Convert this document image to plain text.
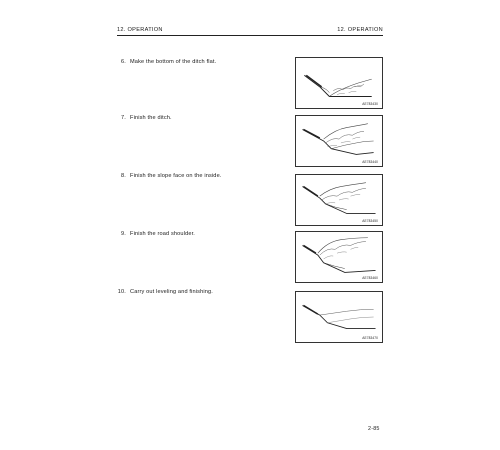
12. OPERATION	12. OPERATION
6. Make the bottom of the ditch flat.
AE783430
7. Finish the ditch.
AE783440
8. Finish the slope face on the inside.
AE783450
9. Finish the road shoulder.
AE783460
10. Carry out leveling and finishing.
AE783470
2-85
